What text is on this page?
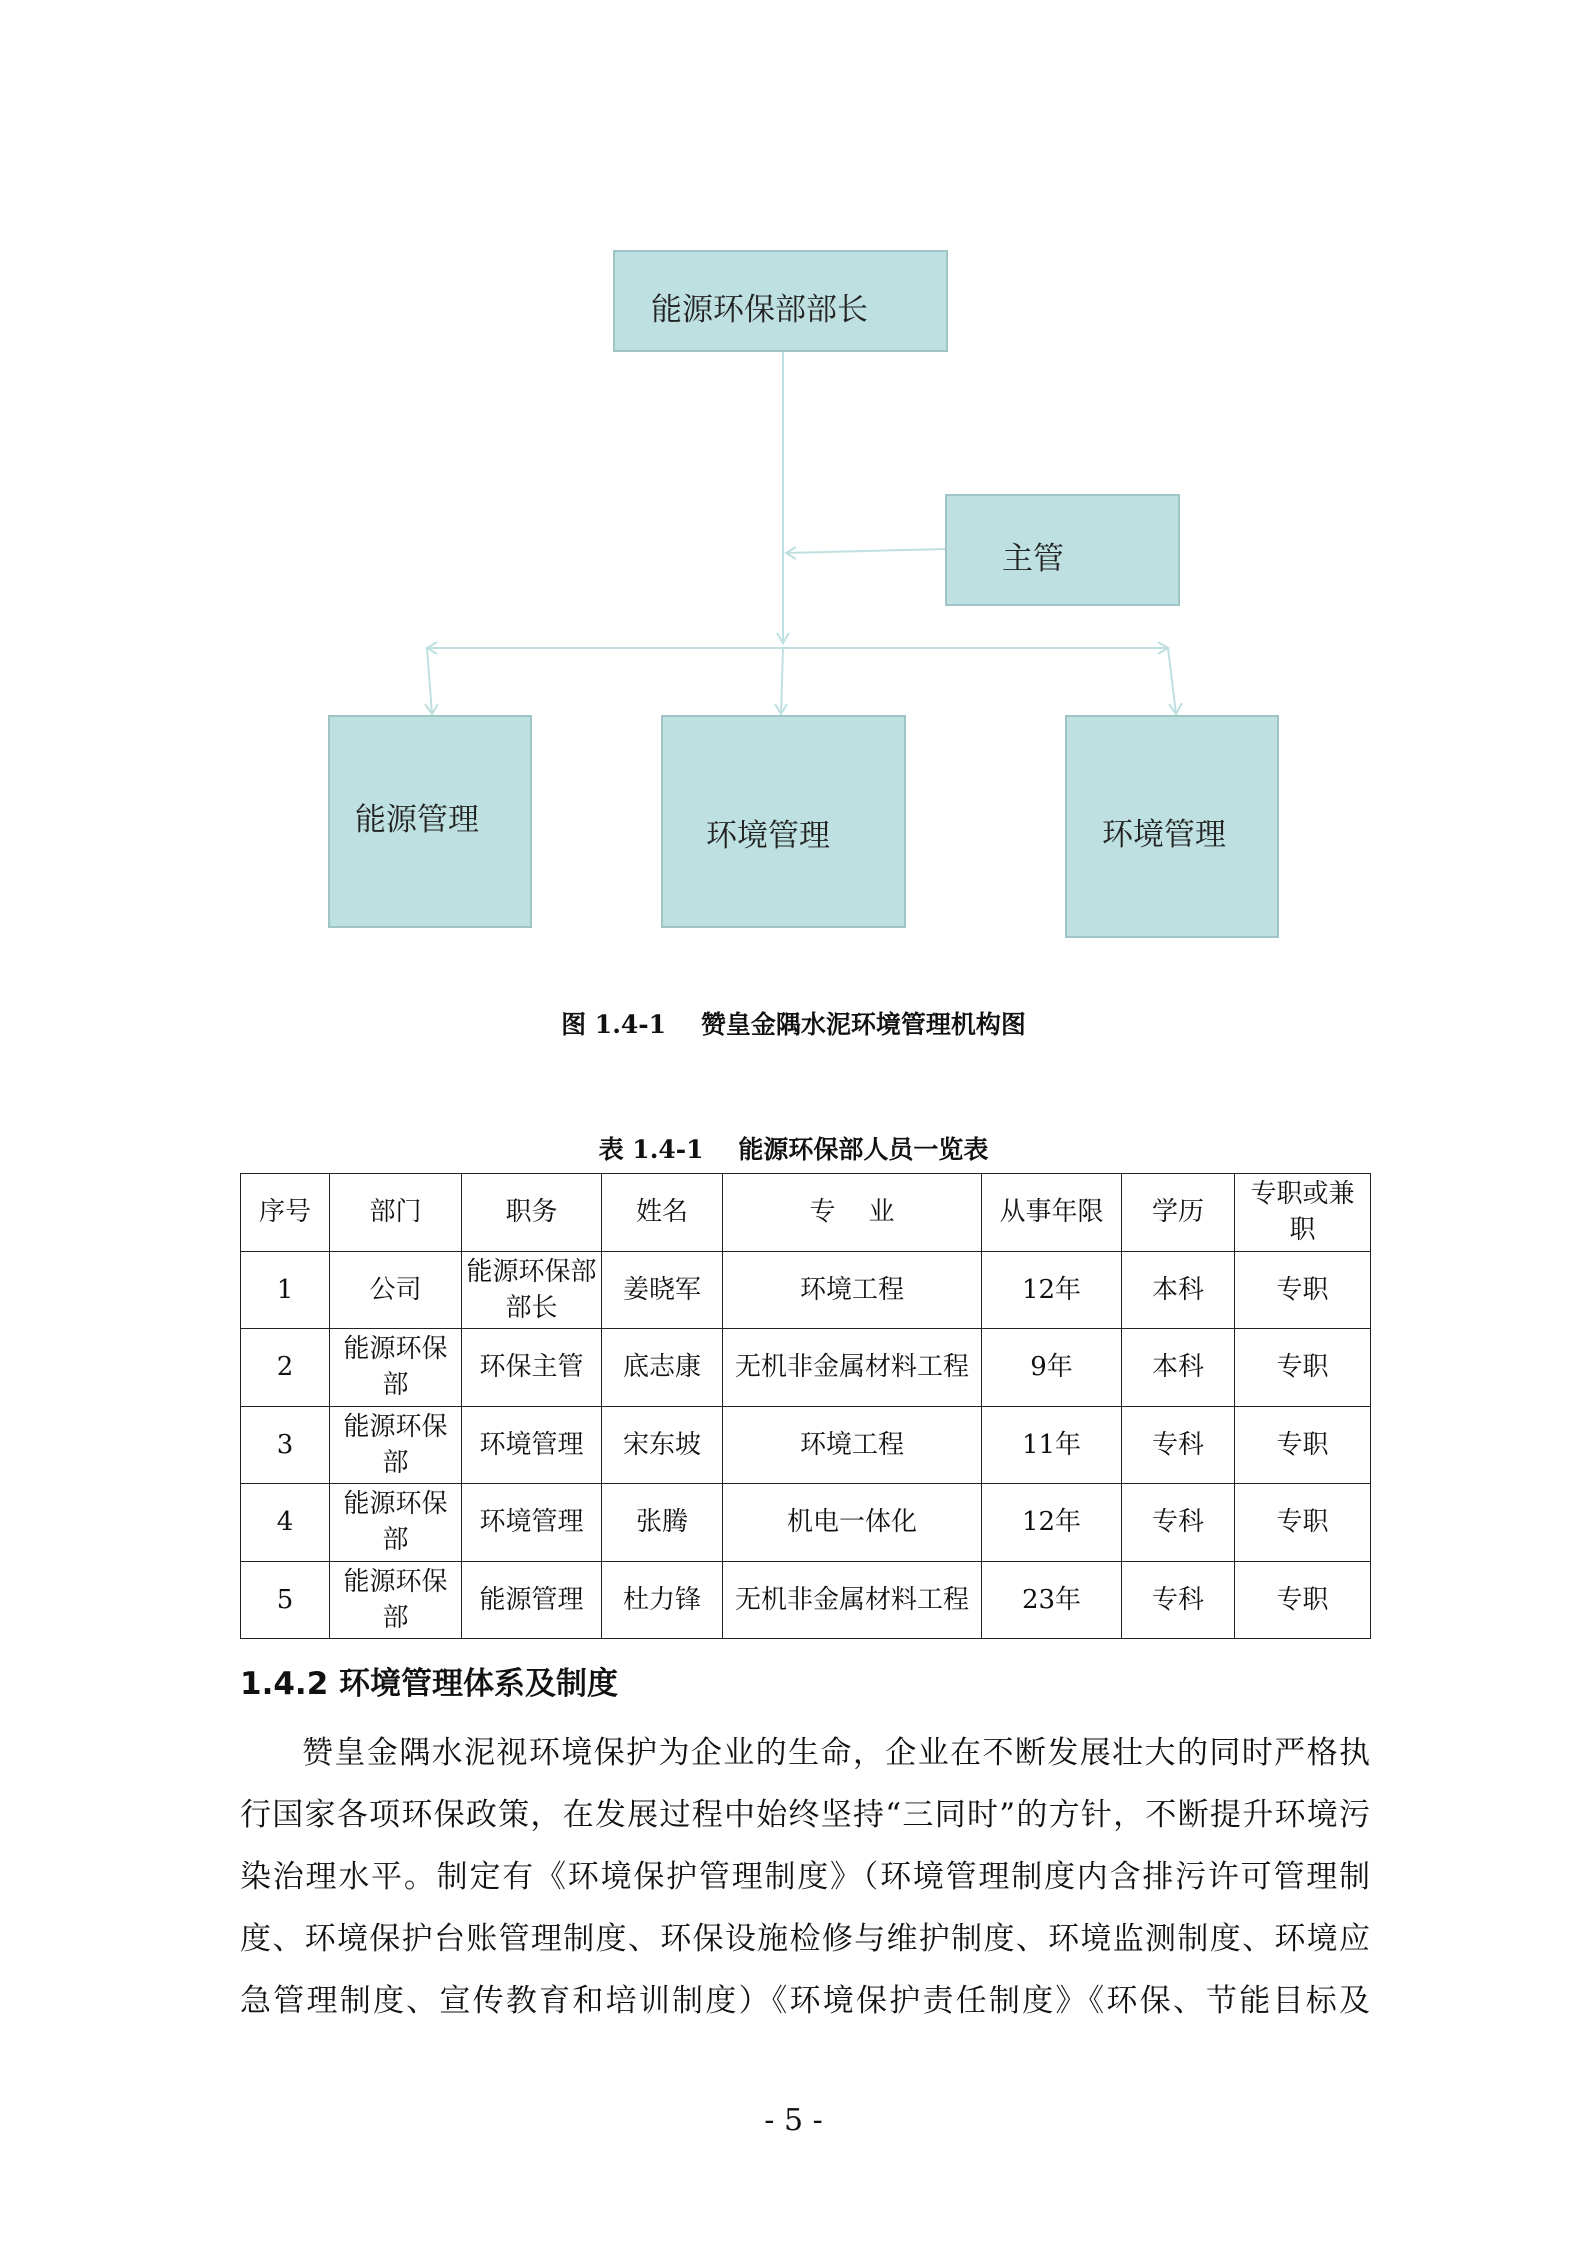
能源环保部部长
主管
能源管理	环境管理	环境管理
图 1.4-1    赞皇金隅水泥环境管理机构图
表 1.4-1    能源环保部人员一览表
序号	部门	职务	姓名	专    业	从事年限	学历	专职或兼职
1	公司	能源环保部部长	姜晓军	环境工程	12年	本科	专职
2	能源环保部	环保主管	底志康	无机非金属材料工程	9年	本科	专职
3	能源环保部	环境管理	宋东坡	环境工程	11年	专科	专职
4	能源环保部	环境管理	张腾	机电一体化	12年	专科	专职
5	能源环保部	能源管理	杜力锋	无机非金属材料工程	23年	专科	专职
1.4.2 环境管理体系及制度
赞皇金隅水泥视环境保护为企业的生命，企业在不断发展壮大的同时严格执
行国家各项环保政策，在发展过程中始终坚持“三同时”的方针，不断提升环境污
染治理水平。制定有《环境保护管理制度》（环境管理制度内含排污许可管理制
度、环境保护台账管理制度、环保设施检修与维护制度、环境监测制度、环境应
急管理制度、宣传教育和培训制度）《环境保护责任制度》《环保、节能目标及
- 5 -
